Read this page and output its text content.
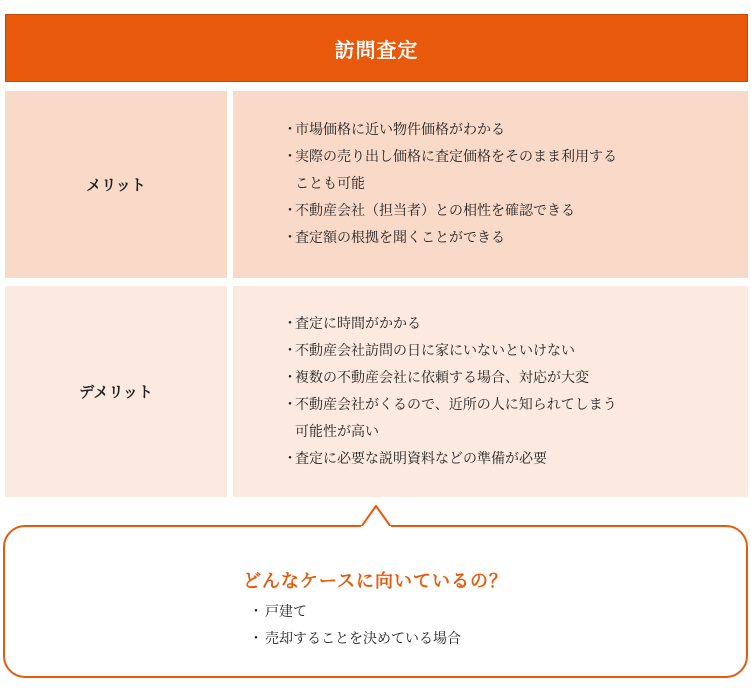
訪問査定
メリット
・
市場価格に近い物件価格がわかる
・
実際の売り出し価格に査定価格をそのまま利用する
ことも可能
・
不動産会社（担当者）との相性を確認できる
・
査定額の根拠を聞くことができる
デメリット
・
査定に時間がかかる
・
不動産会社訪問の日に家にいないといけない
・
複数の不動産会社に依頼する場合、対応が大変
・
不動産会社がくるので、近所の人に知られてしまう
可能性が高い
・
査定に必要な説明資料などの準備が必要
どんなケースに向いているの？
・ 戸建て
・ 売却することを決めている場合
